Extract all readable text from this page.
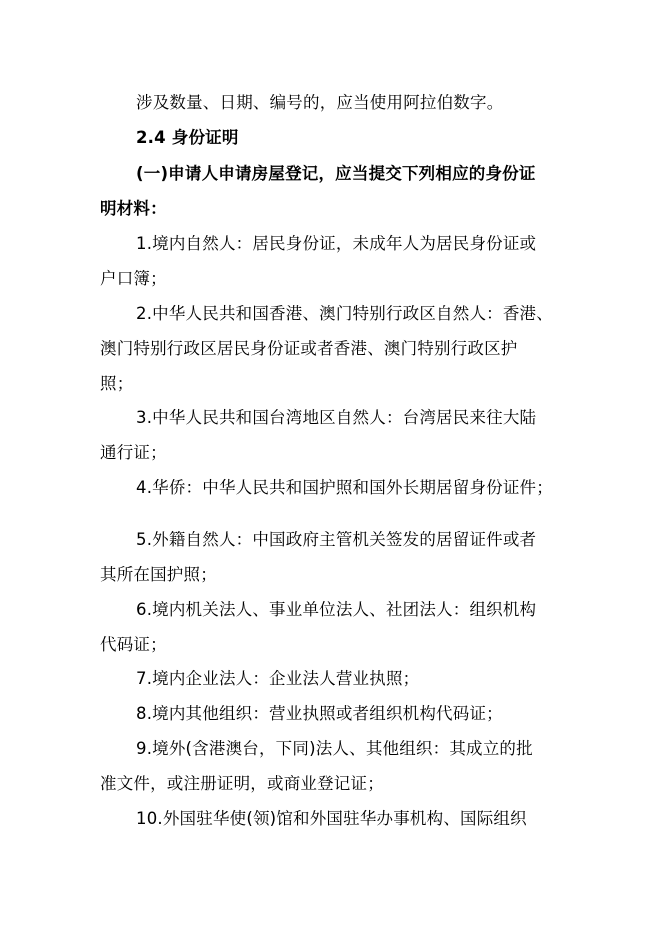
涉及数量、日期、编号的，应当使用阿拉伯数字。
2.4 身份证明
(一)申请人申请房屋登记，应当提交下列相应的身份证
明材料：
1.境内自然人：居民身份证，未成年人为居民身份证或
户口簿；
2.中华人民共和国香港、澳门特别行政区自然人：香港、
澳门特别行政区居民身份证或者香港、澳门特别行政区护
照；
3.中华人民共和国台湾地区自然人：台湾居民来往大陆
通行证；
4.华侨：中华人民共和国护照和国外长期居留身份证件；
5.外籍自然人：中国政府主管机关签发的居留证件或者
其所在国护照；
6.境内机关法人、事业单位法人、社团法人：组织机构
代码证；
7.境内企业法人：企业法人营业执照；
8.境内其他组织：营业执照或者组织机构代码证；
9.境外(含港澳台，下同)法人、其他组织：其成立的批
准文件，或注册证明，或商业登记证；
10.外国驻华使(领)馆和外国驻华办事机构、国际组织
